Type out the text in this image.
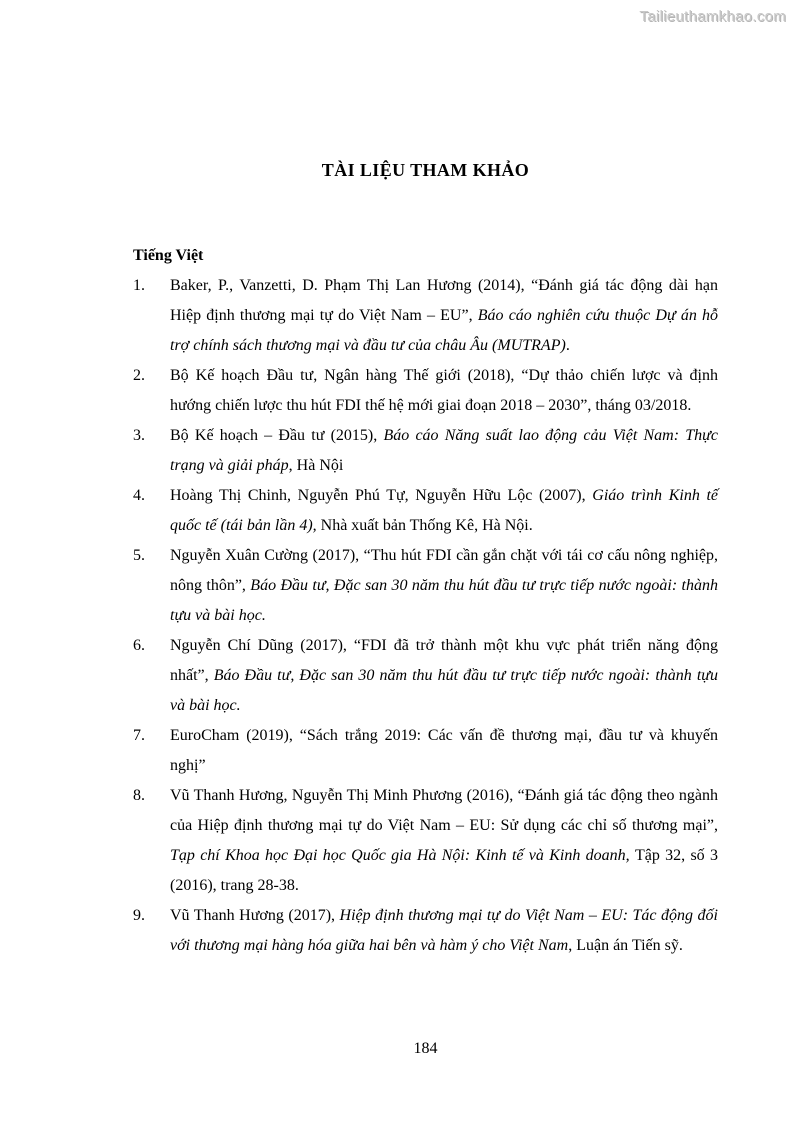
Tailieuthamkhao.com
TÀI LIỆU THAM KHẢO
Tiếng Việt
1. Baker, P., Vanzetti, D. Phạm Thị Lan Hương (2014), “Đánh giá tác động dài hạn Hiệp định thương mại tự do Việt Nam – EU”, Báo cáo nghiên cứu thuộc Dự án hỗ trợ chính sách thương mại và đầu tư của châu Âu (MUTRAP).
2. Bộ Kế hoạch Đầu tư, Ngân hàng Thế giới (2018), “Dự thảo chiến lược và định hướng chiến lược thu hút FDI thế hệ mới giai đoạn 2018 – 2030”, tháng 03/2018.
3. Bộ Kế hoạch – Đầu tư (2015), Báo cáo Năng suất lao động cảu Việt Nam: Thực trạng và giải pháp, Hà Nội
4. Hoàng Thị Chinh, Nguyễn Phú Tự, Nguyễn Hữu Lộc (2007), Giáo trình Kinh tế quốc tế (tái bản lần 4), Nhà xuất bản Thống Kê, Hà Nội.
5. Nguyễn Xuân Cường (2017), “Thu hút FDI cần gắn chặt với tái cơ cấu nông nghiệp, nông thôn”, Báo Đầu tư, Đặc san 30 năm thu hút đầu tư trực tiếp nước ngoài: thành tựu và bài học.
6. Nguyễn Chí Dũng (2017), “FDI đã trở thành một khu vực phát triển năng động nhất”, Báo Đầu tư, Đặc san 30 năm thu hút đầu tư trực tiếp nước ngoài: thành tựu và bài học.
7. EuroCham (2019), “Sách trắng 2019: Các vấn đề thương mại, đầu tư và khuyến nghị”
8. Vũ Thanh Hương, Nguyễn Thị Minh Phương (2016), “Đánh giá tác động theo ngành của Hiệp định thương mại tự do Việt Nam – EU: Sử dụng các chỉ số thương mại”, Tạp chí Khoa học Đại học Quốc gia Hà Nội: Kinh tế và Kinh doanh, Tập 32, số 3 (2016), trang 28-38.
9. Vũ Thanh Hương (2017), Hiệp định thương mại tự do Việt Nam – EU: Tác động đối với thương mại hàng hóa giữa hai bên và hàm ý cho Việt Nam, Luận án Tiến sỹ.
184
